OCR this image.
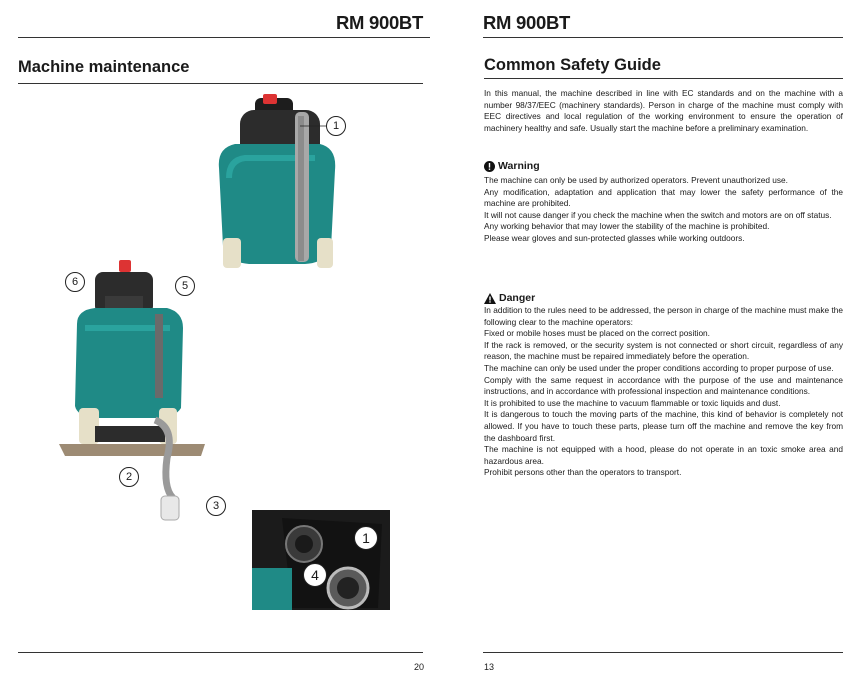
RM 900BT
Machine maintenance
1
6	5
2
3
1
4
20
RM 900BT
Common Safety Guide
In this manual, the machine described in line with EC standards and on the machine with a number 98/37/EEC (machinery standards). Person in charge of the machine must comply with EEC directives and local regulation of the working environment to ensure the operation of machinery healthy and safe. Usually start the machine before a preliminary examination.
Warning

The machine can only be used by authorized operators. Prevent unauthorized use.

Any modification, adaptation and application that may lower the safety performance of the machine are prohibited.

It will not cause danger if you check the machine when the switch and motors are on off status.

Any working behavior that may lower the stability of the machine is prohibited.

Please wear gloves and sun-protected glasses while working outdoors.

Danger

In addition to the rules need to be addressed, the person in charge of the machine must make the following clear to the machine operators:

Fixed or mobile hoses must be placed on the correct position.

If the rack is removed, or the security system is not connected or short circuit, regardless of any reason, the machine must be repaired immediately before the operation.

The machine can only be used under the proper conditions according to proper purpose of use.

Comply with the same request in accordance with the purpose of the use and maintenance instructions, and in accordance with professional inspection and maintenance conditions.

It is prohibited to use the machine to vacuum flammable or toxic liquids and dust.

It is dangerous to touch the moving parts of the machine, this kind of behavior is completely not allowed. If you have to touch these parts, please turn off the machine and remove the key from the dashboard first.

The machine is not equipped with a hood, please do not operate in an toxic smoke area and hazardous area.

Prohibit persons other than the operators to transport.

13
